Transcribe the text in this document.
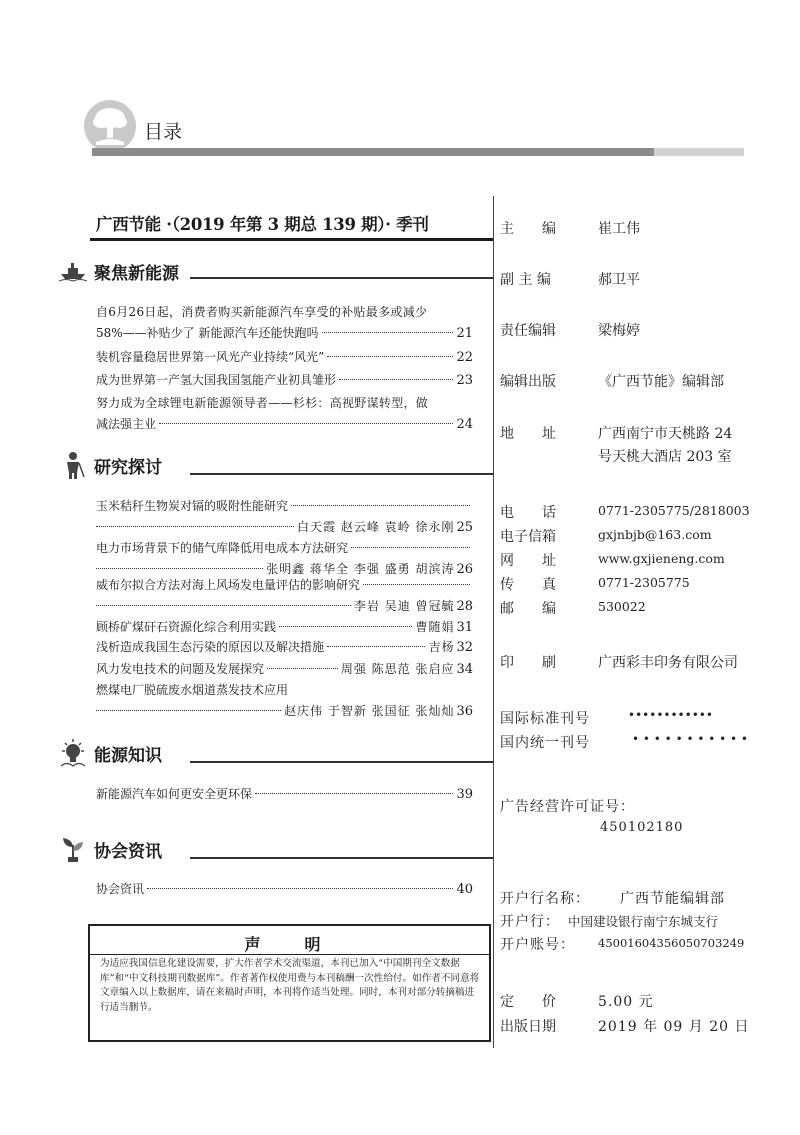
目录
广西节能 ·（2019 年第 3 期总 139 期）· 季刊
聚焦新能源
自6月26日起，消费者购买新能源汽车享受的补贴最多或减少
58%——补贴少了 新能源汽车还能快跑吗	21
装机容量稳居世界第一风光产业持续“风光”	22
成为世界第一产氢大国我国氢能产业初具雏形	23
努力成为全球锂电新能源领导者——杉杉：高视野谋转型，做
减法强主业	24
研究探讨
玉米秸秆生物炭对镉的吸附性能研究
白天霞 赵云峰 袁岭 徐永刚 25
电力市场背景下的储气库降低用电成本方法研究
张明鑫 蒋华全 李强 盛勇 胡滨涛 26
威布尔拟合方法对海上风场发电量评估的影响研究
李岩 吴迪 曾冠毓 28
顾桥矿煤矸石资源化综合利用实践	曹随娟 31
浅析造成我国生态污染的原因以及解决措施	吉杨 32
风力发电技术的问题及发展探究	周强 陈思范 张启应 34
燃煤电厂脱硫废水烟道蒸发技术应用
赵庆伟 于智新 张国征 张灿灿 36
能源知识
新能源汽车如何更安全更环保	39
协会资讯
协会资讯	40
声　明
为适应我国信息化建设需要，扩大作者学术交流渠道，本刊已加入“中国期刊全文数据库”和“中文科技期刊数据库”。作者著作权使用费与本刊稿酬一次性给付。如作者不同意将文章编入以上数据库，请在来稿时声明，本刊将作适当处理。同时，本刊对部分转摘稿进行适当删节。
主　　编	崔工伟
副 主 编	郝卫平
责任编辑	梁梅婷
编辑出版	《广西节能》编辑部
地　　址	广西南宁市天桃路 24
号天桃大酒店 203 室
电　　话	0771-2305775/2818003
电子信箱	gxjnbjb@163.com
网　　址	www.gxjieneng.com
传　　真	0771-2305775
邮　　编	530022
印　　刷	广西彩丰印务有限公司
国际标准刊号	••••••••••••
国内统一刊号	• • • • • • • • • • •
广告经营许可证号：
450102180
开户行名称： 广西节能编辑部
开户行： 中国建设银行南宁东城支行
开户账号： 45001604356050703249
定　　价	5.00 元
出版日期	2019 年 09 月 20 日
